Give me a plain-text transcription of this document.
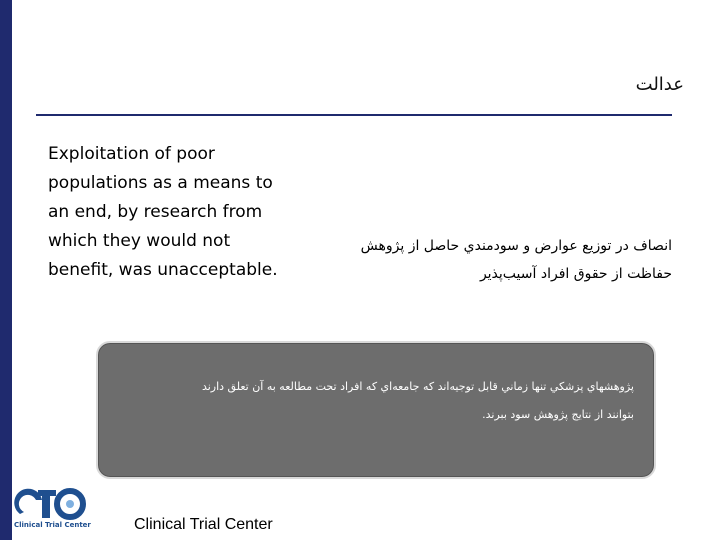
عدالت
Exploitation of poor
populations as a means to
an end, by research from
which they would not
benefit, was unacceptable.
انصاف در توزيع عوارض و سودمندي حاصل از پژوهش
حفاظت از حقوق افراد آسيب‌پذير
پژوهشهاي پزشكي تنها زماني قابل توجيه‌اند كه جامعه‌اي كه افراد تحت مطالعه به آن تعلق دارند
بتوانند از نتايج پژوهش سود ببرند.
Clinical Trial Center	Clinical Trial Center
